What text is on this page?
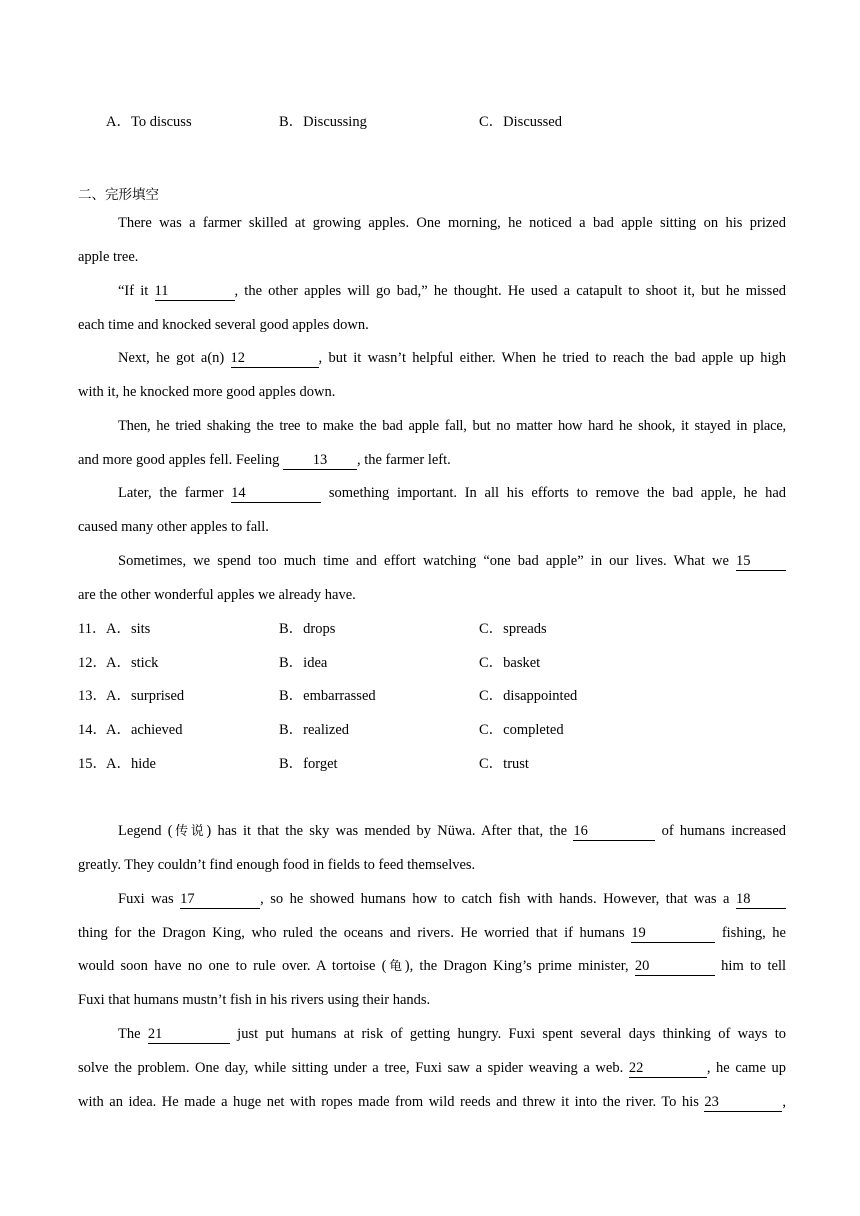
A．To discuss	B．Discussing	C．Discussed
二、完形填空
There was a farmer skilled at growing apples. One morning, he noticed a bad apple sitting on his prized
apple tree.
“If it 11	, the other apples will go bad,” he thought. He used a catapult to shoot it, but he missed
each time and knocked several good apples down.
Next, he got a(n) 12	, but it wasn’t helpful either. When he tried to reach the bad apple up high
with it, he knocked more good apples down.
Then, he tried shaking the tree to make the bad apple fall, but no matter how hard he shook, it stayed in place,
and more good apples fell. Feeling 13 , the farmer left.
Later, the farmer 14	something important. In all his efforts to remove the bad apple, he had
caused many other apples to fall.
Sometimes, we spend too much time and effort watching “one bad apple” in our lives. What we 15
are the other wonderful apples we already have.
11． A．sits	B．drops	C．spreads
12． A．stick	B．idea	C．basket
13． A．surprised	B．embarrassed	C．disappointed
14． A．achieved	B．realized	C．completed
15． A．hide	B．forget	C．trust
Legend (传说) has it that the sky was mended by Nüwa. After that, the 16	of humans increased
greatly. They couldn’t find enough food in fields to feed themselves.
Fuxi was 17	, so he showed humans how to catch fish with hands. However, that was a 18
thing for the Dragon King, who ruled the oceans and rivers. He worried that if humans 19	fishing, he
would soon have no one to rule over. A tortoise (龟), the Dragon King’s prime minister, 20	him to tell
Fuxi that humans mustn’t fish in his rivers using their hands.
The 21	just put humans at risk of getting hungry. Fuxi spent several days thinking of ways to
solve the problem. One day, while sitting under a tree, Fuxi saw a spider weaving a web. 22	, he came up
with an idea. He made a huge net with ropes made from wild reeds and threw it into the river. To his 23	,
